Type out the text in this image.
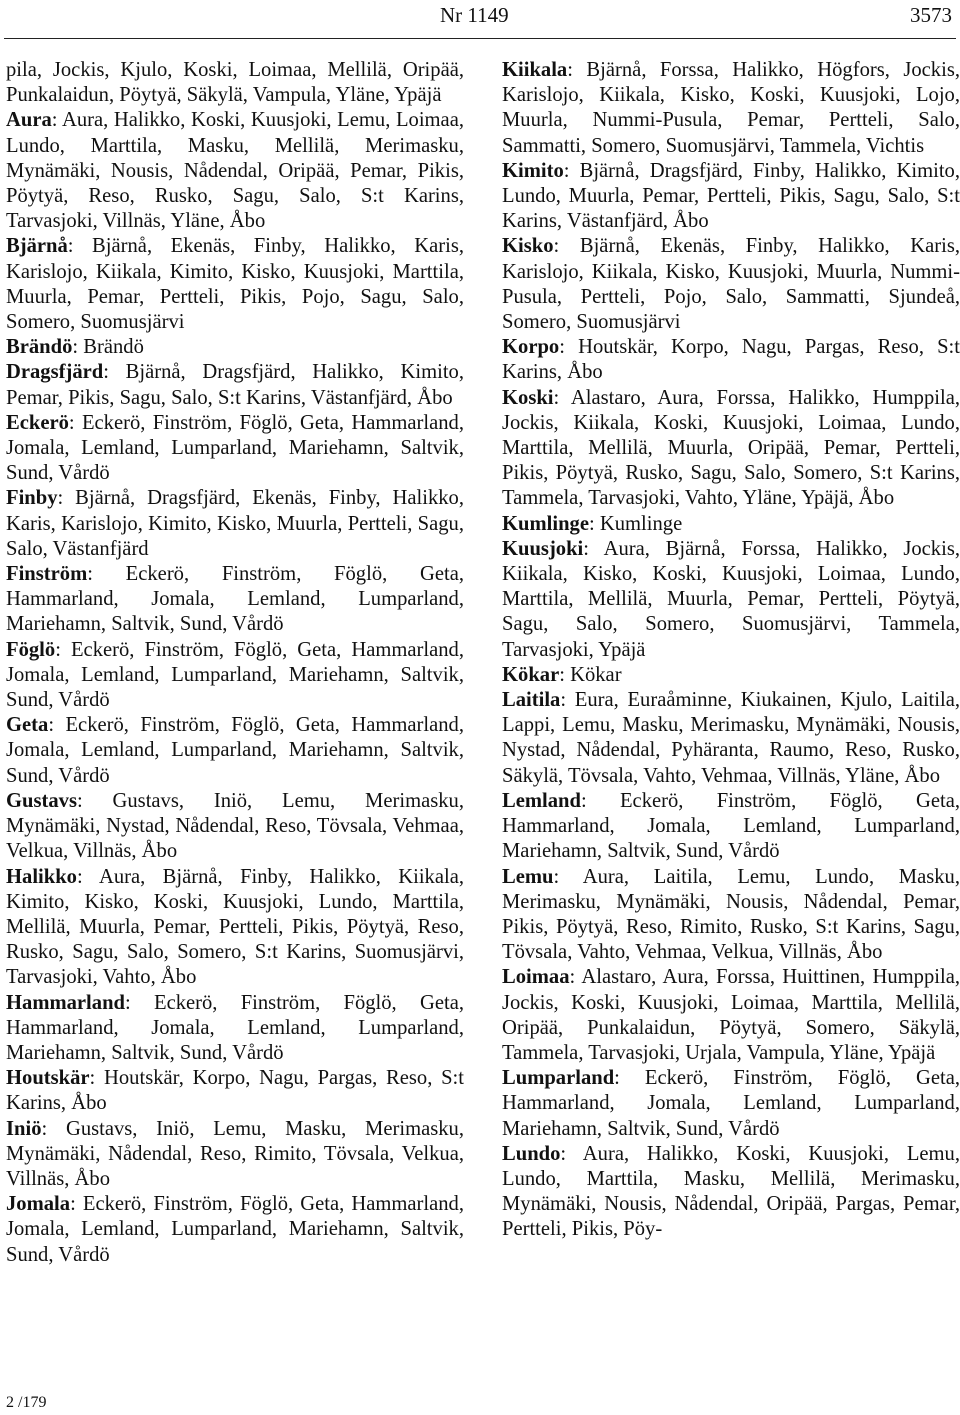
Nr 1149	3573

pila, Jockis, Kjulo, Koski, Loimaa, Mellilä, Oripää, Punkalaidun, Pöytyä, Säkylä, Vampula, Yläne, Ypäjä

Aura: Aura, Halikko, Koski, Kuusjoki, Lemu, Loimaa, Lundo, Marttila, Masku, Mellilä, Merimasku, Mynämäki, Nousis, Nådendal, Oripää, Pemar, Pikis, Pöytyä, Reso, Rusko, Sagu, Salo, S:t Karins, Tarvasjoki, Villnäs, Yläne, Åbo

Bjärnå: Bjärnå, Ekenäs, Finby, Halikko, Karis, Karislojo, Kiikala, Kimito, Kisko, Kuusjoki, Marttila, Muurla, Pemar, Pertteli, Pikis, Pojo, Sagu, Salo, Somero, Suomusjärvi

Brändö: Brändö

Dragsfjärd: Bjärnå, Dragsfjärd, Halikko, Kimito, Pemar, Pikis, Sagu, Salo, S:t Karins, Västanfjärd, Åbo

Eckerö: Eckerö, Finström, Föglö, Geta, Hammarland, Jomala, Lemland, Lumparland, Mariehamn, Saltvik, Sund, Vårdö

Finby: Bjärnå, Dragsfjärd, Ekenäs, Finby, Halikko, Karis, Karislojo, Kimito, Kisko, Muurla, Pertteli, Sagu, Salo, Västanfjärd

Finström: Eckerö, Finström, Föglö, Geta, Hammarland, Jomala, Lemland, Lumparland, Mariehamn, Saltvik, Sund, Vårdö

Föglö: Eckerö, Finström, Föglö, Geta, Hammarland, Jomala, Lemland, Lumparland, Mariehamn, Saltvik, Sund, Vårdö

Geta: Eckerö, Finström, Föglö, Geta, Hammarland, Jomala, Lemland, Lumparland, Mariehamn, Saltvik, Sund, Vårdö

Gustavs: Gustavs, Iniö, Lemu, Merimasku, Mynämäki, Nystad, Nådendal, Reso, Tövsala, Vehmaa, Velkua, Villnäs, Åbo

Halikko: Aura, Bjärnå, Finby, Halikko, Kiikala, Kimito, Kisko, Koski, Kuusjoki, Lundo, Marttila, Mellilä, Muurla, Pemar, Pertteli, Pikis, Pöytyä, Reso, Rusko, Sagu, Salo, Somero, S:t Karins, Suomusjärvi, Tarvasjoki, Vahto, Åbo

Hammarland: Eckerö, Finström, Föglö, Geta, Hammarland, Jomala, Lemland, Lumparland, Mariehamn, Saltvik, Sund, Vårdö

Houtskär: Houtskär, Korpo, Nagu, Pargas, Reso, S:t Karins, Åbo

Iniö: Gustavs, Iniö, Lemu, Masku, Merimasku, Mynämäki, Nådendal, Reso, Rimito, Tövsala, Velkua, Villnäs, Åbo

Jomala: Eckerö, Finström, Föglö, Geta, Hammarland, Jomala, Lemland, Lumparland, Mariehamn, Saltvik, Sund, Vårdö

Kiikala: Bjärnå, Forssa, Halikko, Högfors, Jockis, Karislojo, Kiikala, Kisko, Koski, Kuusjoki, Lojo, Muurla, Nummi-Pusula, Pemar, Pertteli, Salo, Sammatti, Somero, Suomusjärvi, Tammela, Vichtis

Kimito: Bjärnå, Dragsfjärd, Finby, Halikko, Kimito, Lundo, Muurla, Pemar, Pertteli, Pikis, Sagu, Salo, S:t Karins, Västanfjärd, Åbo

Kisko: Bjärnå, Ekenäs, Finby, Halikko, Karis, Karislojo, Kiikala, Kisko, Kuusjoki, Muurla, Nummi-Pusula, Pertteli, Pojo, Salo, Sammatti, Sjundeå, Somero, Suomusjärvi

Korpo: Houtskär, Korpo, Nagu, Pargas, Reso, S:t Karins, Åbo

Koski: Alastaro, Aura, Forssa, Halikko, Humppila, Jockis, Kiikala, Koski, Kuusjoki, Loimaa, Lundo, Marttila, Mellilä, Muurla, Oripää, Pemar, Pertteli, Pikis, Pöytyä, Rusko, Sagu, Salo, Somero, S:t Karins, Tammela, Tarvasjoki, Vahto, Yläne, Ypäjä, Åbo

Kumlinge: Kumlinge

Kuusjoki: Aura, Bjärnå, Forssa, Halikko, Jockis, Kiikala, Kisko, Koski, Kuusjoki, Loimaa, Lundo, Marttila, Mellilä, Muurla, Pemar, Pertteli, Pöytyä, Sagu, Salo, Somero, Suomusjärvi, Tammela, Tarvasjoki, Ypäjä

Kökar: Kökar

Laitila: Eura, Euraåminne, Kiukainen, Kjulo, Laitila, Lappi, Lemu, Masku, Merimasku, Mynämäki, Nousis, Nystad, Nådendal, Pyhäranta, Raumo, Reso, Rusko, Säkylä, Tövsala, Vahto, Vehmaa, Villnäs, Yläne, Åbo

Lemland: Eckerö, Finström, Föglö, Geta, Hammarland, Jomala, Lemland, Lumparland, Mariehamn, Saltvik, Sund, Vårdö

Lemu: Aura, Laitila, Lemu, Lundo, Masku, Merimasku, Mynämäki, Nousis, Nådendal, Pemar, Pikis, Pöytyä, Reso, Rimito, Rusko, S:t Karins, Sagu, Tövsala, Vahto, Vehmaa, Velkua, Villnäs, Åbo

Loimaa: Alastaro, Aura, Forssa, Huittinen, Humppila, Jockis, Koski, Kuusjoki, Loimaa, Marttila, Mellilä, Oripää, Punkalaidun, Pöytyä, Somero, Säkylä, Tammela, Tarvasjoki, Urjala, Vampula, Yläne, Ypäjä

Lumparland: Eckerö, Finström, Föglö, Geta, Hammarland, Jomala, Lemland, Lumparland, Mariehamn, Saltvik, Sund, Vårdö

Lundo: Aura, Halikko, Koski, Kuusjoki, Lemu, Lundo, Marttila, Masku, Mellilä, Merimasku, Mynämäki, Nousis, Nådendal, Oripää, Pargas, Pemar, Pertteli, Pikis, Pöy-

2 /179
